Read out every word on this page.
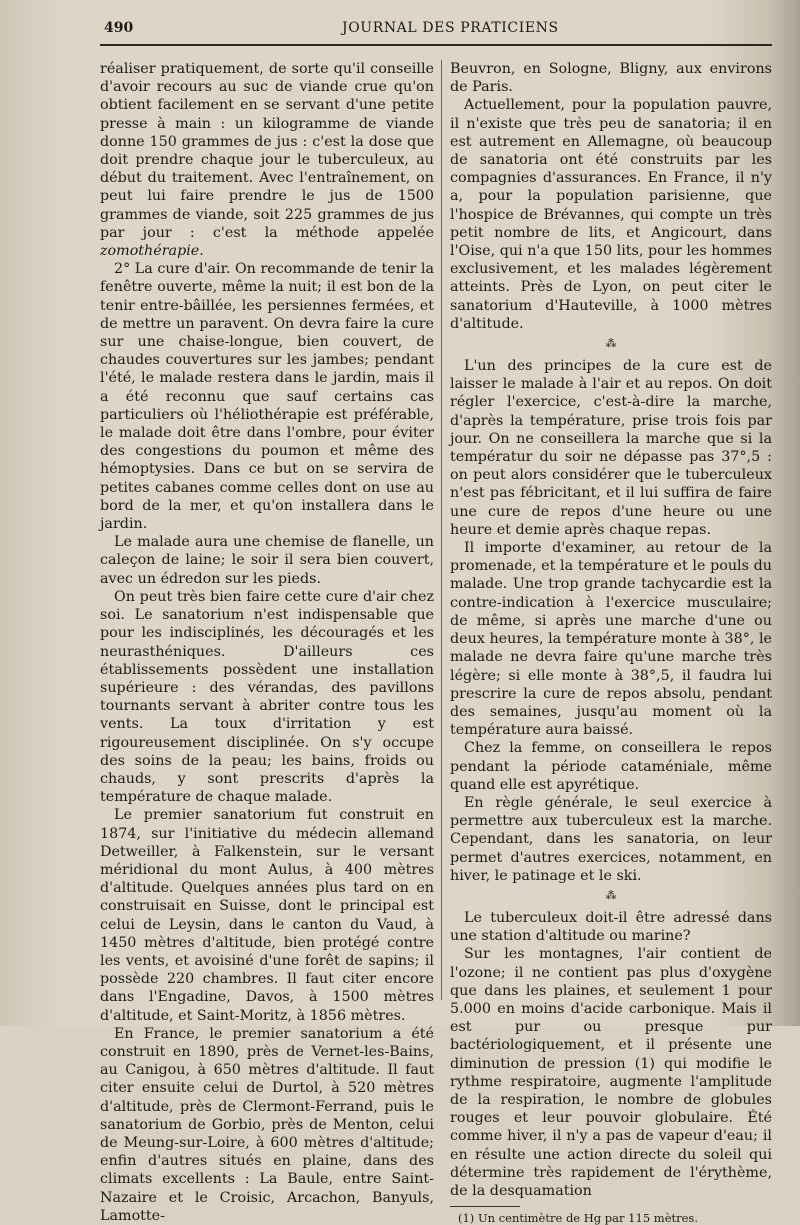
490	JOURNAL DES PRATICIENS

réaliser pratiquement, de sorte qu'il conseille d'avoir recours au suc de viande crue qu'on obtient facilement en se servant d'une petite presse à main : un kilogramme de viande donne 150 grammes de jus : c'est la dose que doit prendre chaque jour le tuberculeux, au début du traitement. Avec l'entraînement, on peut lui faire prendre le jus de 1500 grammes de viande, soit 225 grammes de jus par jour : c'est la méthode appelée zomothérapie.

2° La cure d'air. On recommande de tenir la fenêtre ouverte, même la nuit; il est bon de la tenir entre-bâillée, les persiennes fermées, et de mettre un paravent. On devra faire la cure sur une chaise-longue, bien couvert, de chaudes couvertures sur les jambes; pendant l'été, le malade restera dans le jardin, mais il a été reconnu que sauf certains cas particuliers où l'héliothérapie est préférable, le malade doit être dans l'ombre, pour éviter des congestions du poumon et même des hémoptysies. Dans ce but on se servira de petites cabanes comme celles dont on use au bord de la mer, et qu'on installera dans le jardin.

Le malade aura une chemise de flanelle, un caleçon de laine; le soir il sera bien couvert, avec un édredon sur les pieds.

On peut très bien faire cette cure d'air chez soi. Le sanatorium n'est indispensable que pour les indisciplinés, les découragés et les neurasthéniques. D'ailleurs ces établissements possèdent une installation supérieure : des vérandas, des pavillons tournants servant à abriter contre tous les vents. La toux d'irritation y est rigoureusement disciplinée. On s'y occupe des soins de la peau; les bains, froids ou chauds, y sont prescrits d'après la température de chaque malade.

Le premier sanatorium fut construit en 1874, sur l'initiative du médecin allemand Detweiller, à Falkenstein, sur le versant méridional du mont Aulus, à 400 mètres d'altitude. Quelques années plus tard on en construisait en Suisse, dont le principal est celui de Leysin, dans le canton du Vaud, à 1450 mètres d'altitude, bien protégé contre les vents, et avoisiné d'une forêt de sapins; il possède 220 chambres. Il faut citer encore dans l'Engadine, Davos, à 1500 mètres d'altitude, et Saint-Moritz, à 1856 mètres.

En France, le premier sanatorium a été construit en 1890, près de Vernet-les-Bains, au Canigou, à 650 mètres d'altitude. Il faut citer ensuite celui de Durtol, à 520 mètres d'altitude, près de Clermont-Ferrand, puis le sanatorium de Gorbio, près de Menton, celui de Meung-sur-Loire, à 600 mètres d'altitude; enfin d'autres situés en plaine, dans des climats excellents : La Baule, entre Saint-Nazaire et le Croisic, Arcachon, Banyuls, Lamotte-

Beuvron, en Sologne, Bligny, aux environs de Paris.

Actuellement, pour la population pauvre, il n'existe que très peu de sanatoria; il en est autrement en Allemagne, où beaucoup de sanatoria ont été construits par les compagnies d'assurances. En France, il n'y a, pour la population parisienne, que l'hospice de Brévannes, qui compte un très petit nombre de lits, et Angicourt, dans l'Oise, qui n'a que 150 lits, pour les hommes exclusivement, et les malades légèrement atteints. Près de Lyon, on peut citer le sanatorium d'Hauteville, à 1000 mètres d'altitude.

⁂

L'un des principes de la cure est de laisser le malade à l'air et au repos. On doit régler l'exercice, c'est-à-dire la marche, d'après la température, prise trois fois par jour. On ne conseillera la marche que si la températur du soir ne dépasse pas 37°,5 : on peut alors considérer que le tuberculeux n'est pas fébricitant, et il lui suffira de faire une cure de repos d'une heure ou une heure et demie après chaque repas.

Il importe d'examiner, au retour de la promenade, et la température et le pouls du malade. Une trop grande tachycardie est la contre-indication à l'exercice musculaire; de même, si après une marche d'une ou deux heures, la température monte à 38°, le malade ne devra faire qu'une marche très légère; si elle monte à 38°,5, il faudra lui prescrire la cure de repos absolu, pendant des semaines, jusqu'au moment où la température aura baissé.

Chez la femme, on conseillera le repos pendant la période cataméniale, même quand elle est apyrétique.

En règle générale, le seul exercice à permettre aux tuberculeux est la marche. Cependant, dans les sanatoria, on leur permet d'autres exercices, notamment, en hiver, le patinage et le ski.

⁂

Le tuberculeux doit-il être adressé dans une station d'altitude ou marine?

Sur les montagnes, l'air contient de l'ozone; il ne contient pas plus d'oxygène que dans les plaines, et seulement 1 pour 5.000 en moins d'acide carbonique. Mais il est pur ou presque pur bactériologiquement, et il présente une diminution de pression (1) qui modifie le rythme respiratoire, augmente l'amplitude de la respiration, le nombre de globules rouges et leur pouvoir globulaire. Été comme hiver, il n'y a pas de vapeur d'eau; il en résulte une action directe du soleil qui détermine très rapidement de l'érythème, de la desquamation

(1) Un centimètre de Hg par 115 mètres.
